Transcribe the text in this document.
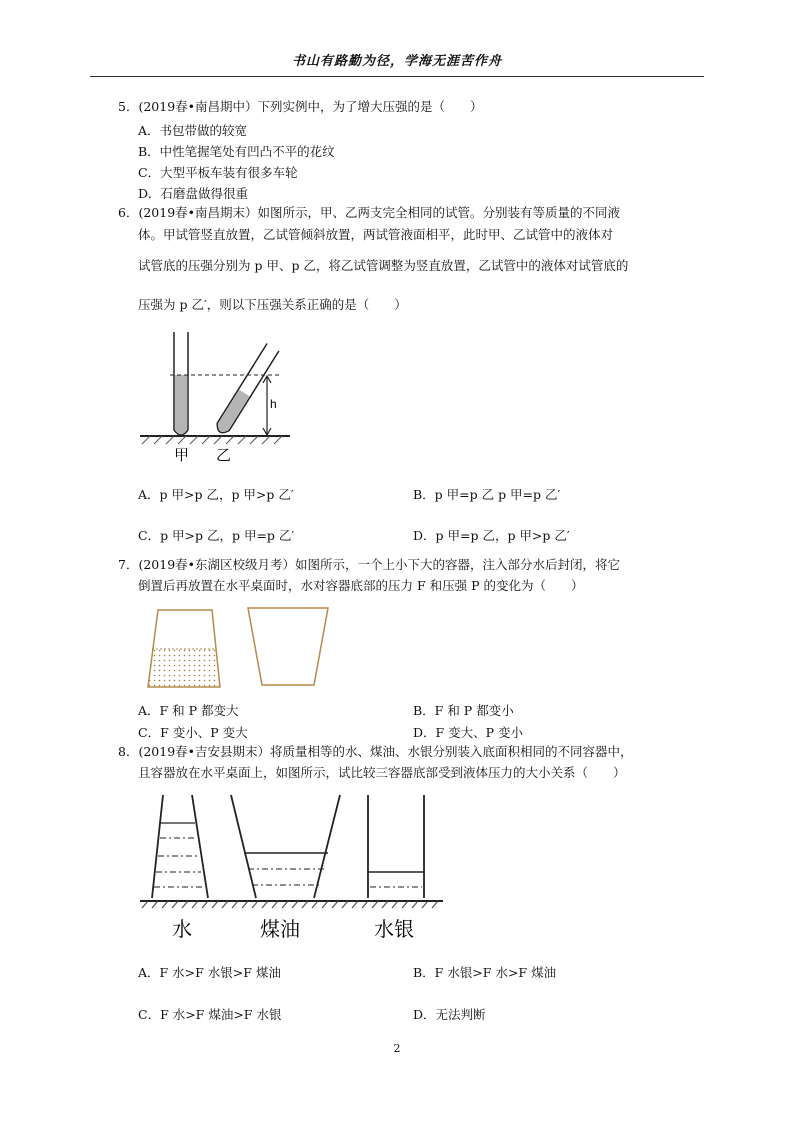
书山有路勤为径，学海无涯苦作舟
5．(2019春•南昌期中）下列实例中，为了增大压强的是（　　）
A．书包带做的较宽
B．中性笔握笔处有凹凸不平的花纹
C．大型平板车装有很多车轮
D．石磨盘做得很重
6．(2019春•南昌期末）如图所示，甲、乙两支完全相同的试管。分别装有等质量的不同液
体。甲试管竖直放置，乙试管倾斜放置，两试管液面相平，此时甲、乙试管中的液体对
试管底的压强分别为 p 甲、p 乙，将乙试管调整为竖直放置，乙试管中的液体对试管底的
压强为 p 乙′，则以下压强关系正确的是（　　）
h
甲 乙
A．p 甲>p 乙，p 甲>p 乙′	B．p 甲=p 乙 p 甲=p 乙′
C．p 甲>p 乙，p 甲=p 乙′	D．p 甲=p 乙，p 甲>p 乙′
7．(2019春•东湖区校级月考）如图所示，一个上小下大的容器，注入部分水后封闭，将它
倒置后再放置在水平桌面时，水对容器底部的压力 F 和压强 P 的变化为（　　）
A．F 和 P 都变大	B．F 和 P 都变小
C．F 变小、P 变大	D．F 变大、P 变小
8．(2019春•吉安县期末）将质量相等的水、煤油、水银分别装入底面积相同的不同容器中，
且容器放在水平桌面上，如图所示，试比较三容器底部受到液体压力的大小关系（　　）
水	煤油	水银
A．F 水>F 水银>F 煤油	B．F 水银>F 水>F 煤油
C．F 水>F 煤油>F 水银	D．无法判断
2
